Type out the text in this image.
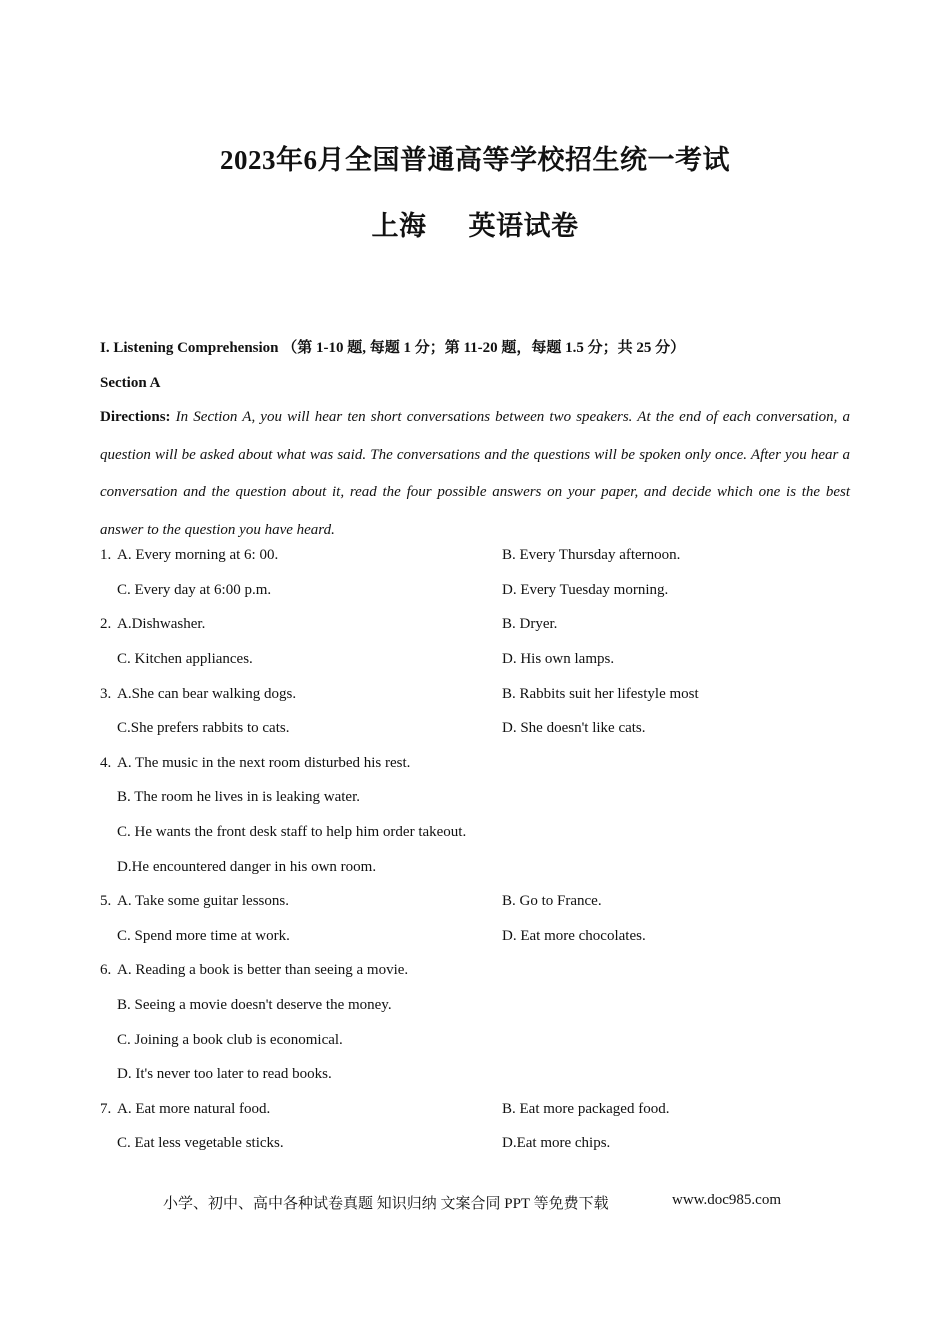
2023年6月全国普通高等学校招生统一考试
上海 英语试卷
I. Listening Comprehension （第 1-10 题, 每题 1 分；第 11-20 题，每题 1.5 分；共 25 分）
Section A
Directions: In Section A, you will hear ten short conversations between two speakers. At the end of each conversation, a question will be asked about what was said. The conversations and the questions will be spoken only once. After you hear a conversation and the question about it, read the four possible answers on your paper, and decide which one is the best answer to the question you have heard.
1. A. Every morning at 6: 00.	B. Every Thursday afternoon.
C. Every day at 6:00 p.m.	D. Every Tuesday morning.
2. A.Dishwasher.	B. Dryer.
C. Kitchen appliances.	D. His own lamps.
3. A.She can bear walking dogs.	B. Rabbits suit her lifestyle most
C.She prefers rabbits to cats.	D. She doesn't like cats.
4. A. The music in the next room disturbed his rest.
B. The room he lives in is leaking water.
C. He wants the front desk staff to help him order takeout.
D.He encountered danger in his own room.
5. A. Take some guitar lessons.	B. Go to France.
C. Spend more time at work.	D. Eat more chocolates.
6. A. Reading a book is better than seeing a movie.
B. Seeing a movie doesn't deserve the money.
C. Joining a book club is economical.
D. It's never too later to read books.
7. A. Eat more natural food.	B. Eat more packaged food.
C. Eat less vegetable sticks.	D.Eat more chips.
小学、初中、高中各种试卷真题 知识归纳 文案合同 PPT 等免费下载	www.doc985.com
